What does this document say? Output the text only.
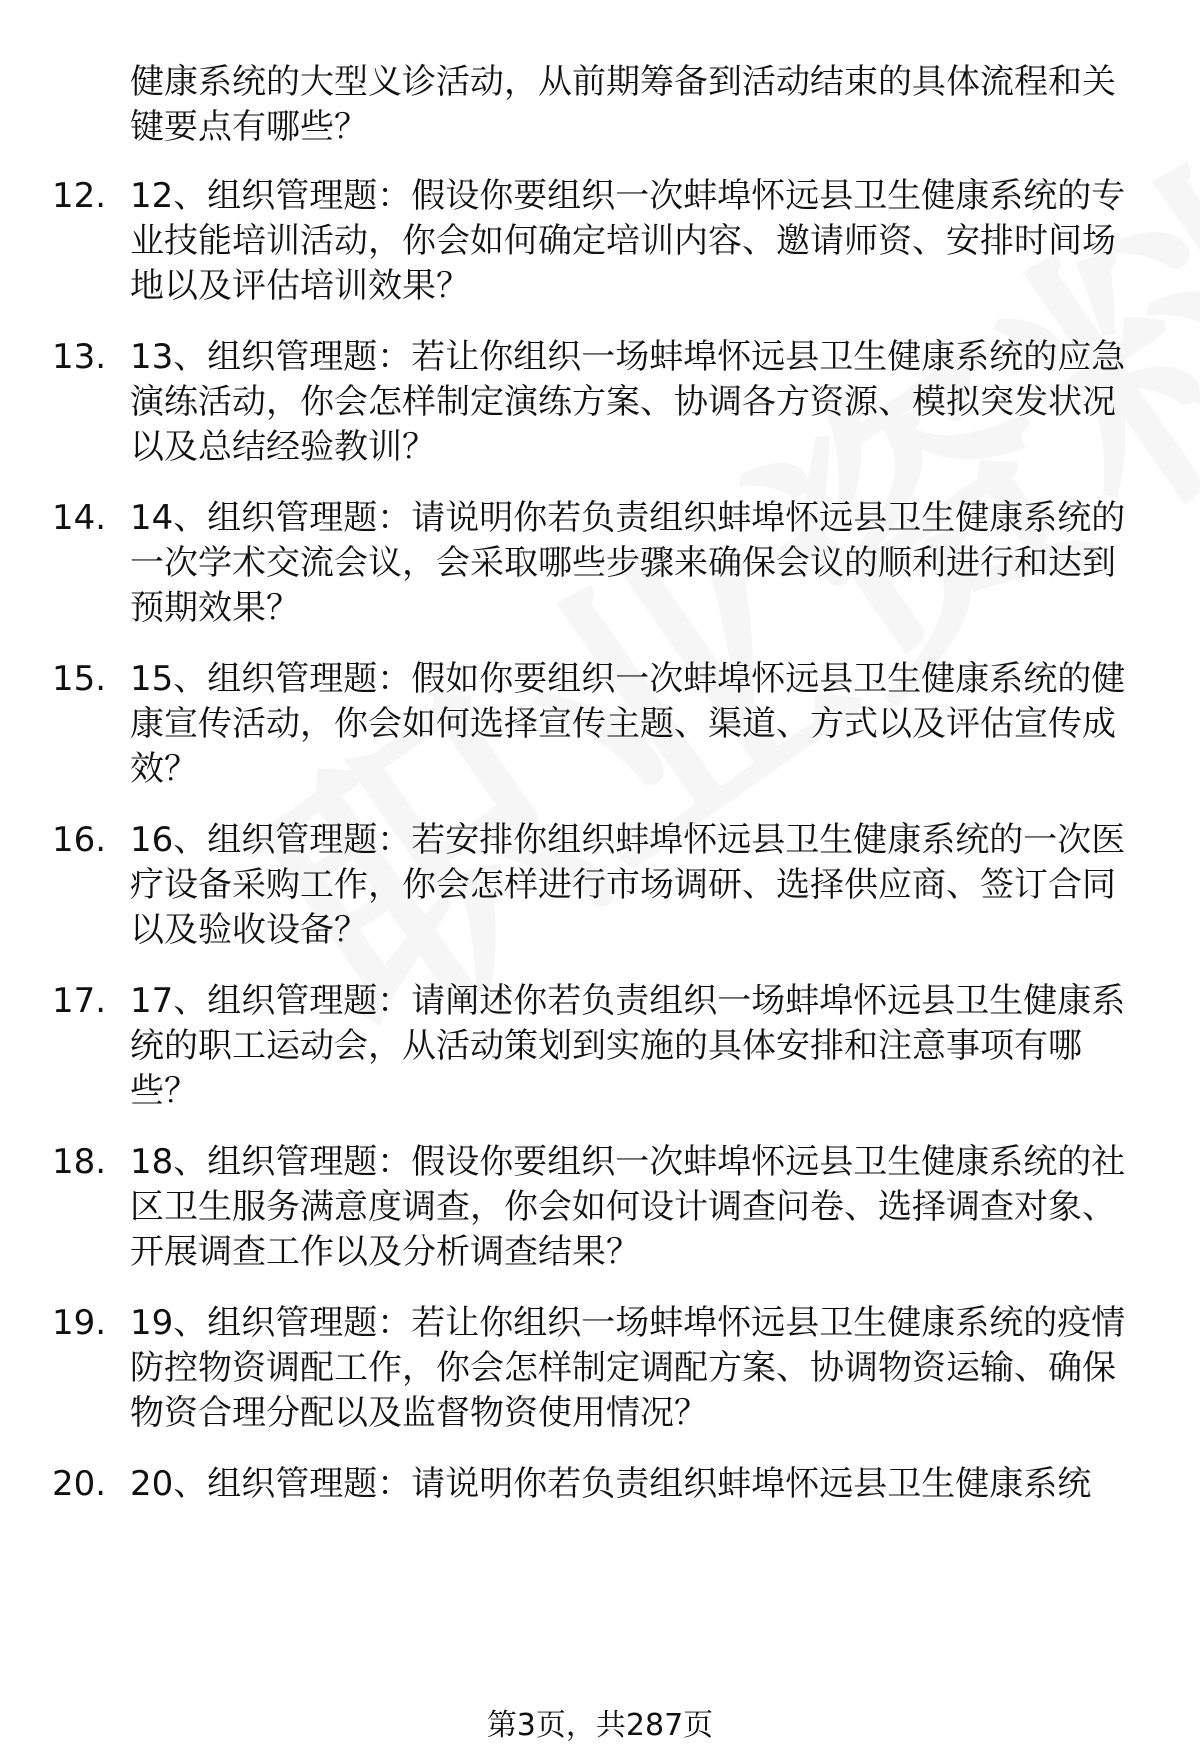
健康系统的大型义诊活动，从前期筹备到活动结束的具体流程和关键要点有哪些？
12. 12、组织管理题：假设你要组织一次蚌埠怀远县卫生健康系统的专业技能培训活动，你会如何确定培训内容、邀请师资、安排时间场地以及评估培训效果？
13. 13、组织管理题：若让你组织一场蚌埠怀远县卫生健康系统的应急演练活动，你会怎样制定演练方案、协调各方资源、模拟突发状况以及总结经验教训？
14. 14、组织管理题：请说明你若负责组织蚌埠怀远县卫生健康系统的一次学术交流会议，会采取哪些步骤来确保会议的顺利进行和达到预期效果？
15. 15、组织管理题：假如你要组织一次蚌埠怀远县卫生健康系统的健康宣传活动，你会如何选择宣传主题、渠道、方式以及评估宣传成效？
16. 16、组织管理题：若安排你组织蚌埠怀远县卫生健康系统的一次医疗设备采购工作，你会怎样进行市场调研、选择供应商、签订合同以及验收设备？
17. 17、组织管理题：请阐述你若负责组织一场蚌埠怀远县卫生健康系统的职工运动会，从活动策划到实施的具体安排和注意事项有哪些？
18. 18、组织管理题：假设你要组织一次蚌埠怀远县卫生健康系统的社区卫生服务满意度调查，你会如何设计调查问卷、选择调查对象、开展调查工作以及分析调查结果？
19. 19、组织管理题：若让你组织一场蚌埠怀远县卫生健康系统的疫情防控物资调配工作，你会怎样制定调配方案、协调物资运输、确保物资合理分配以及监督物资使用情况？
20. 20、组织管理题：请说明你若负责组织蚌埠怀远县卫生健康系统
第3页，共287页
